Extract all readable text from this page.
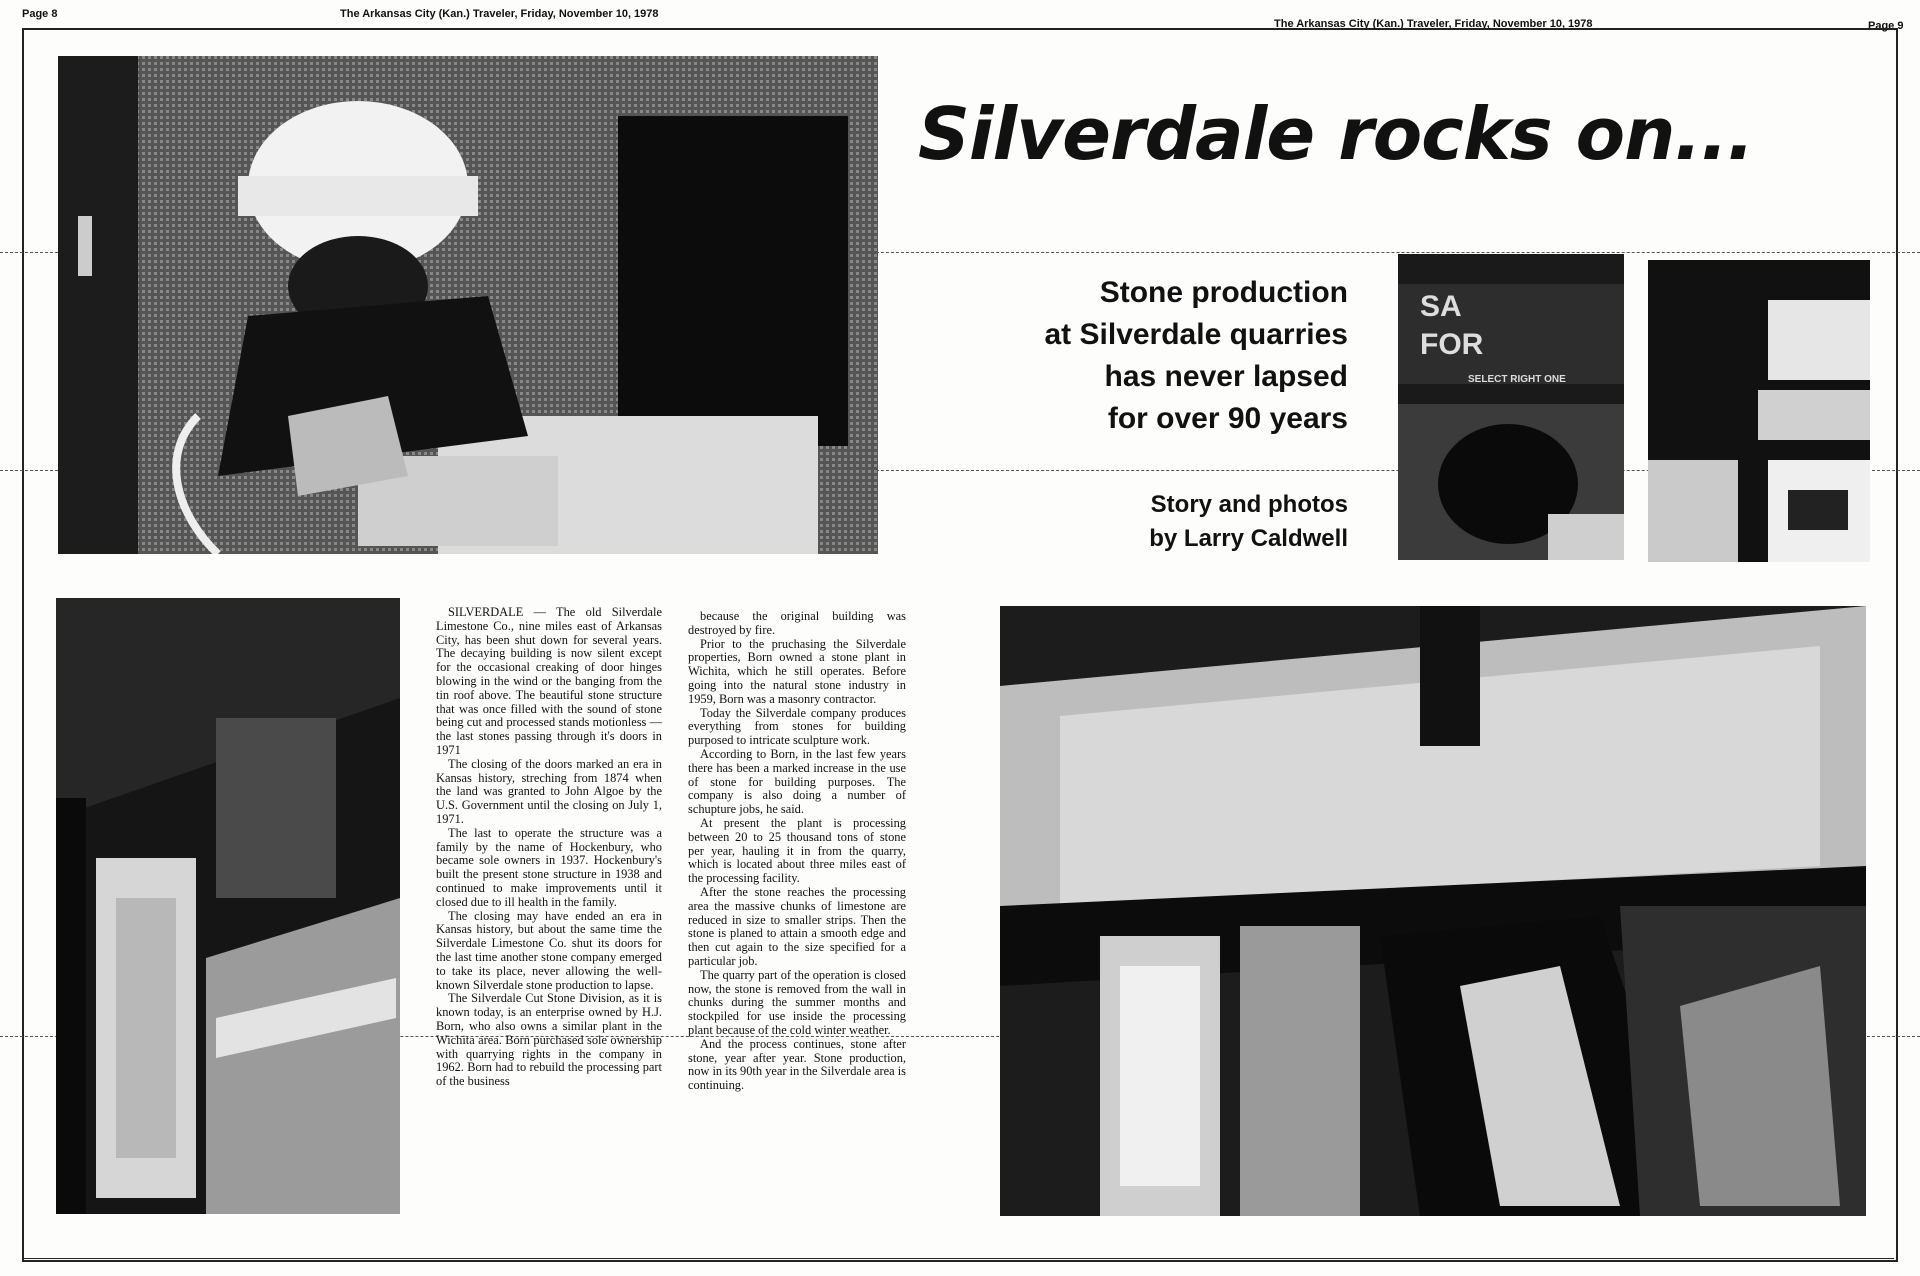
Page 8	The Arkansas City (Kan.) Traveler, Friday, November 10, 1978
The Arkansas City (Kan.) Traveler, Friday, November 10, 1978	Page 9
Silverdale rocks on...
Stone production
at Silverdale quarries
has never lapsed
for over 90 years
Story and photos
by Larry Caldwell
SA
FOR
SELECT RIGHT ONE

SILVERDALE — The old Silverdale Limestone Co., nine miles east of Arkansas City, has been shut down for several years. The decaying building is now silent except for the occasional creaking of door hinges blowing in the wind or the banging from the tin roof above. The beautiful stone structure that was once filled with the sound of stone being cut and processed stands motionless — the last stones passing through it's doors in 1971

The closing of the doors marked an era in Kansas history, streching from 1874 when the land was granted to John Algoe by the U.S. Government until the closing on July 1, 1971.

The last to operate the structure was a family by the name of Hockenbury, who became sole owners in 1937. Hockenbury's built the present stone structure in 1938 and continued to make improvements until it closed due to ill health in the family.

The closing may have ended an era in Kansas history, but about the same time the Silverdale Limestone Co. shut its doors for the last time another stone company emerged to take its place, never allowing the well-known Silverdale stone production to lapse.

The Silverdale Cut Stone Division, as it is known today, is an enterprise owned by H.J. Born, who also owns a similar plant in the Wichita area. Born purchased sole ownership with quarrying rights in the company in 1962. Born had to rebuild the processing part of the business

because the original building was destroyed by fire.

Prior to the pruchasing the Silverdale properties, Born owned a stone plant in Wichita, which he still operates. Before going into the natural stone industry in 1959, Born was a masonry contractor.

Today the Silverdale company produces everything from stones for building purposed to intricate sculpture work.

According to Born, in the last few years there has been a marked increase in the use of stone for building purposes. The company is also doing a number of schupture jobs, he said.

At present the plant is processing between 20 to 25 thousand tons of stone per year, hauling it in from the quarry, which is located about three miles east of the processing facility.

After the stone reaches the processing area the massive chunks of limestone are reduced in size to smaller strips. Then the stone is planed to attain a smooth edge and then cut again to the size specified for a particular job.

The quarry part of the operation is closed now, the stone is removed from the wall in chunks during the summer months and stockpiled for use inside the processing plant because of the cold winter weather.

And the process continues, stone after stone, year after year. Stone production, now in its 90th year in the Silverdale area is continuing.
